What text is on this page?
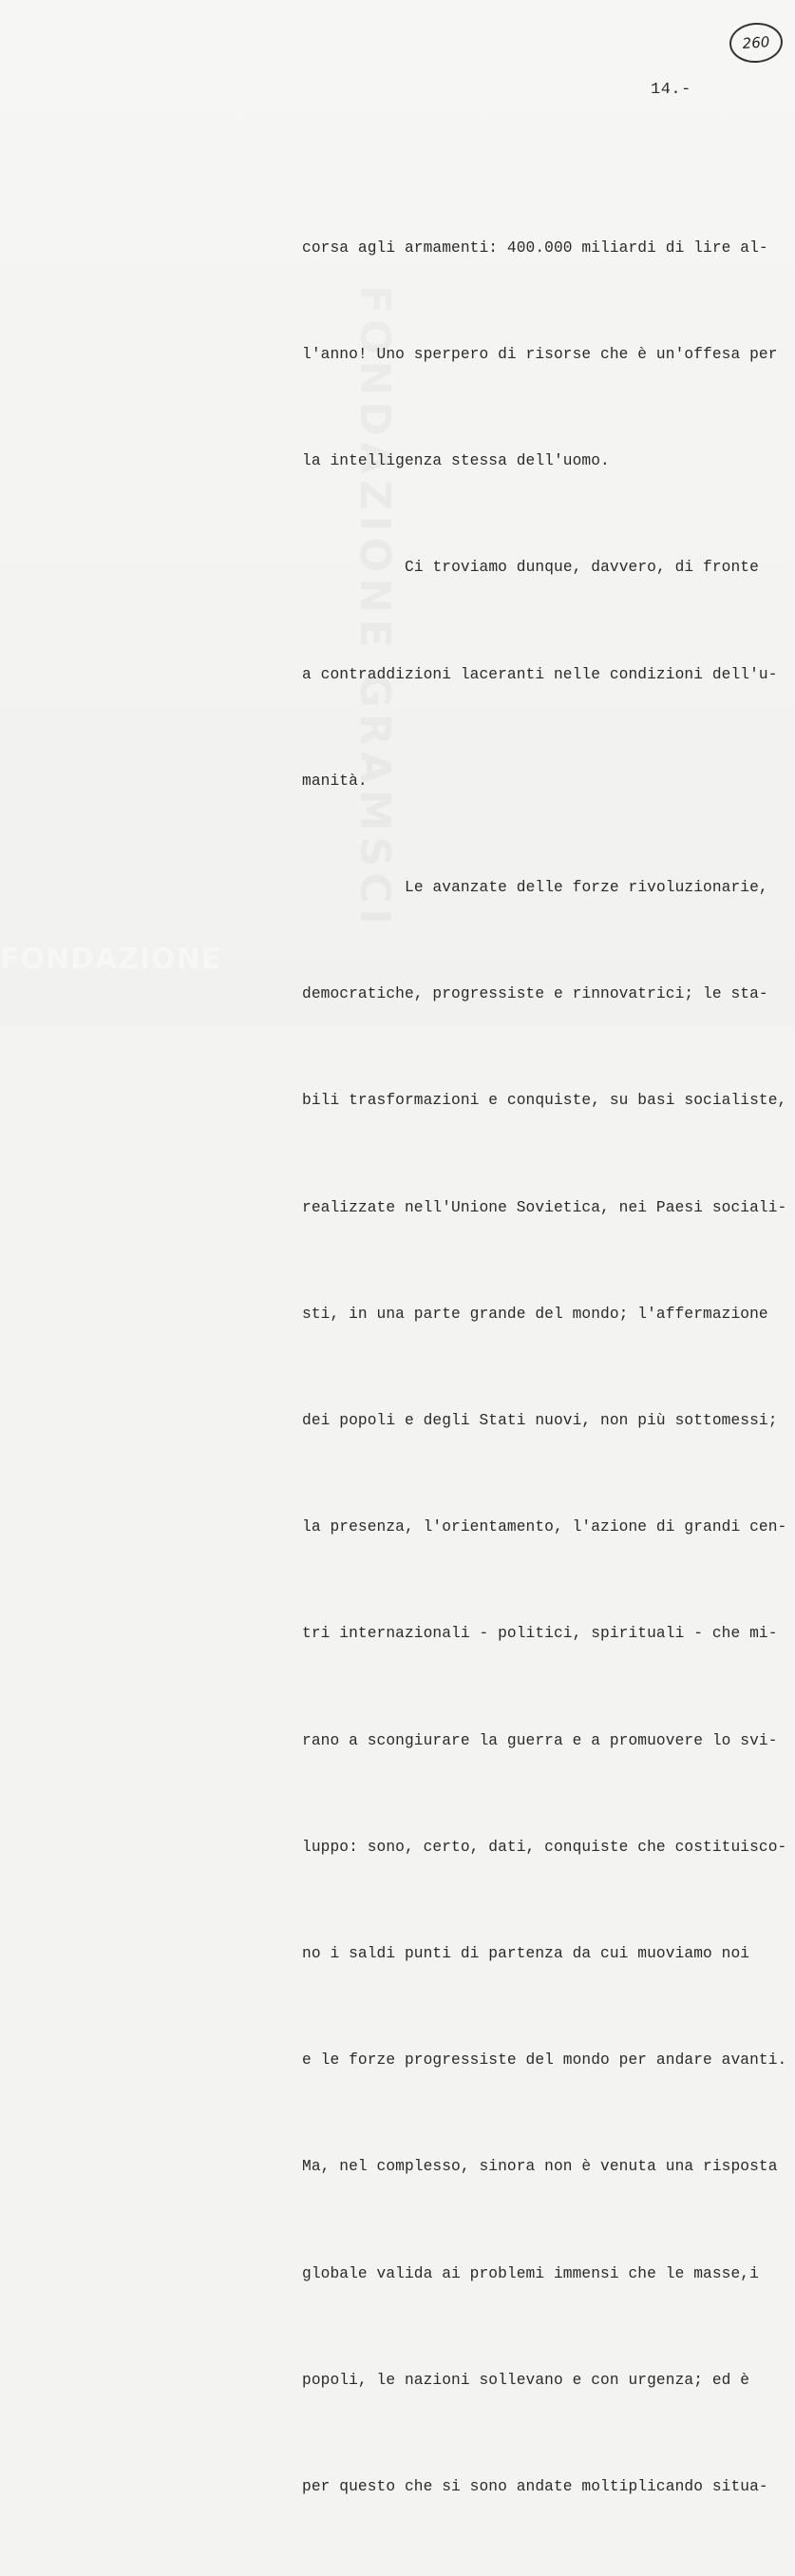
260
14.-

corsa agli armamenti: 400.000 miliardi di lire al-

l'anno! Uno sperpero di risorse che è un'offesa per

la intelligenza stessa dell'uomo.

Ci troviamo dunque, davvero, di fronte

a contraddizioni laceranti nelle condizioni dell'u-

manità.

Le avanzate delle forze rivoluzionarie,

democratiche, progressiste e rinnovatrici; le sta-

bili trasformazioni e conquiste, su basi socialiste,

realizzate nell'Unione Sovietica, nei Paesi sociali-

sti, in una parte grande del mondo; l'affermazione

dei popoli e degli Stati nuovi, non più sottomessi;

la presenza, l'orientamento, l'azione di grandi cen-

tri internazionali - politici, spirituali - che mi-

rano a scongiurare la guerra e a promuovere lo svi-

luppo: sono, certo, dati, conquiste che costituisco-

no i saldi punti di partenza da cui muoviamo noi

e le forze progressiste del mondo per andare avanti.

Ma, nel complesso, sinora non è venuta una risposta

globale valida ai problemi immensi che le masse,i

popoli, le nazioni sollevano e con urgenza; ed è

per questo che si sono andate moltiplicando situa-

FONDAZIONE
